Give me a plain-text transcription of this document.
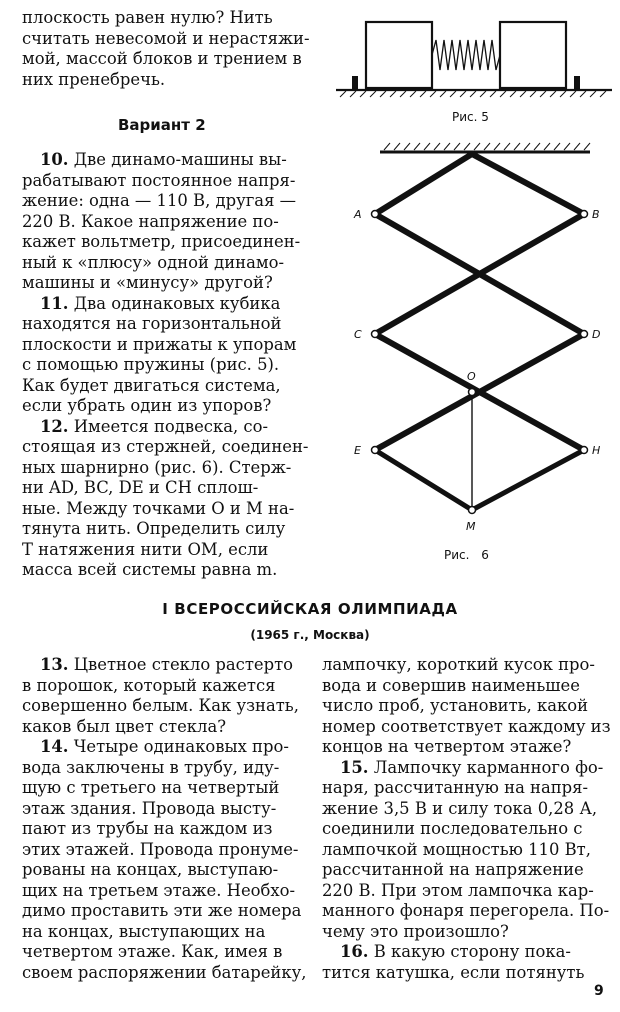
плоскость равен нулю? Нить
считать невесомой и нерастяжи-
мой, массой блоков и трением в
них пренебречь.
Вариант 2

10. Две динамо-машины вы-
рабатывают постоянное напря-
жение: одна — 110 В, другая —
220 В. Какое напряжение по-
кажет вольтметр, присоединен-
ный к «плюсу» одной динамо-
машины и «минусу» другой?

11. Два одинаковых кубика
находятся на горизонтальной
плоскости и прижаты к упорам
с помощью пружины (рис. 5).
Как будет двигаться система,
если убрать один из упоров?

12. Имеется подвеска, со-
стоящая из стержней, соединен-
ных шарнирно (рис. 6). Стерж-
ни AD, BC, DE и CH сплош-
ные. Между точками O и M на-
тянута нить. Определить силу
T натяжения нити OM, если
масса всей системы равна m.

Рис. 5
A	B
C	D
O
E	H
M
Рис. 6
I ВСЕРОССИЙСКАЯ ОЛИМПИАДА
(1965 г., Москва)

13. Цветное стекло растерто
в порошок, который кажется
совершенно белым. Как узнать,
каков был цвет стекла?

14. Четыре одинаковых про-
вода заключены в трубу, иду-
щую с третьего на четвертый
этаж здания. Провода высту-
пают из трубы на каждом из
этих этажей. Провода пронуме-
рованы на концах, выступаю-
щих на третьем этаже. Необхо-
димо проставить эти же номера
на концах, выступающих на
четвертом этаже. Как, имея в
своем распоряжении батарейку,

лампочку, короткий кусок про-
вода и совершив наименьшее
число проб, установить, какой
номер соответствует каждому из
концов на четвертом этаже?

15. Лампочку карманного фо-
наря, рассчитанную на напря-
жение 3,5 В и силу тока 0,28 А,
соединили последовательно с
лампочкой мощностью 110 Вт,
рассчитанной на напряжение
220 В. При этом лампочка кар-
манного фонаря перегорела. По-
чему это произошло?

16. В какую сторону пока-
тится катушка, если потянуть

9
